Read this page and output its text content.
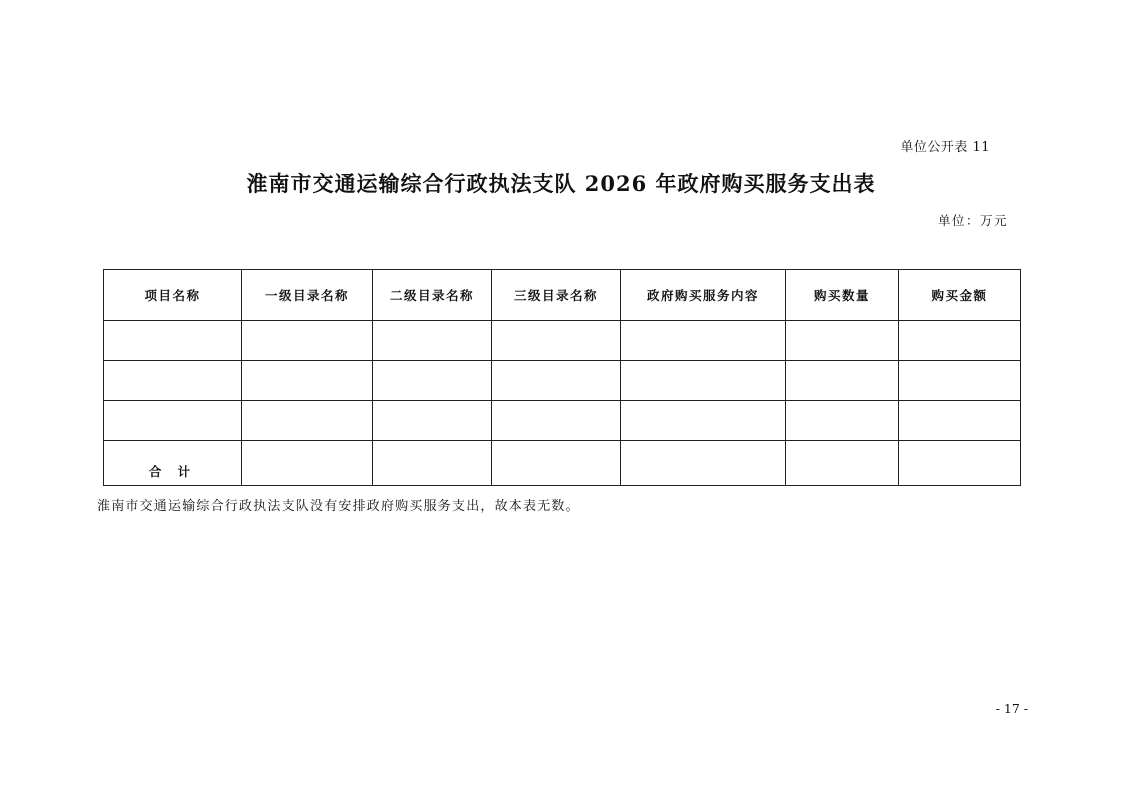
单位公开表 11
淮南市交通运输综合行政执法支队 2026 年政府购买服务支出表
单位：万元
项目名称	一级目录名称	二级目录名称	三级目录名称	政府购买服务内容	购买数量	购买金额

合 计						
淮南市交通运输综合行政执法支队没有安排政府购买服务支出，故本表无数。
- 17 -
